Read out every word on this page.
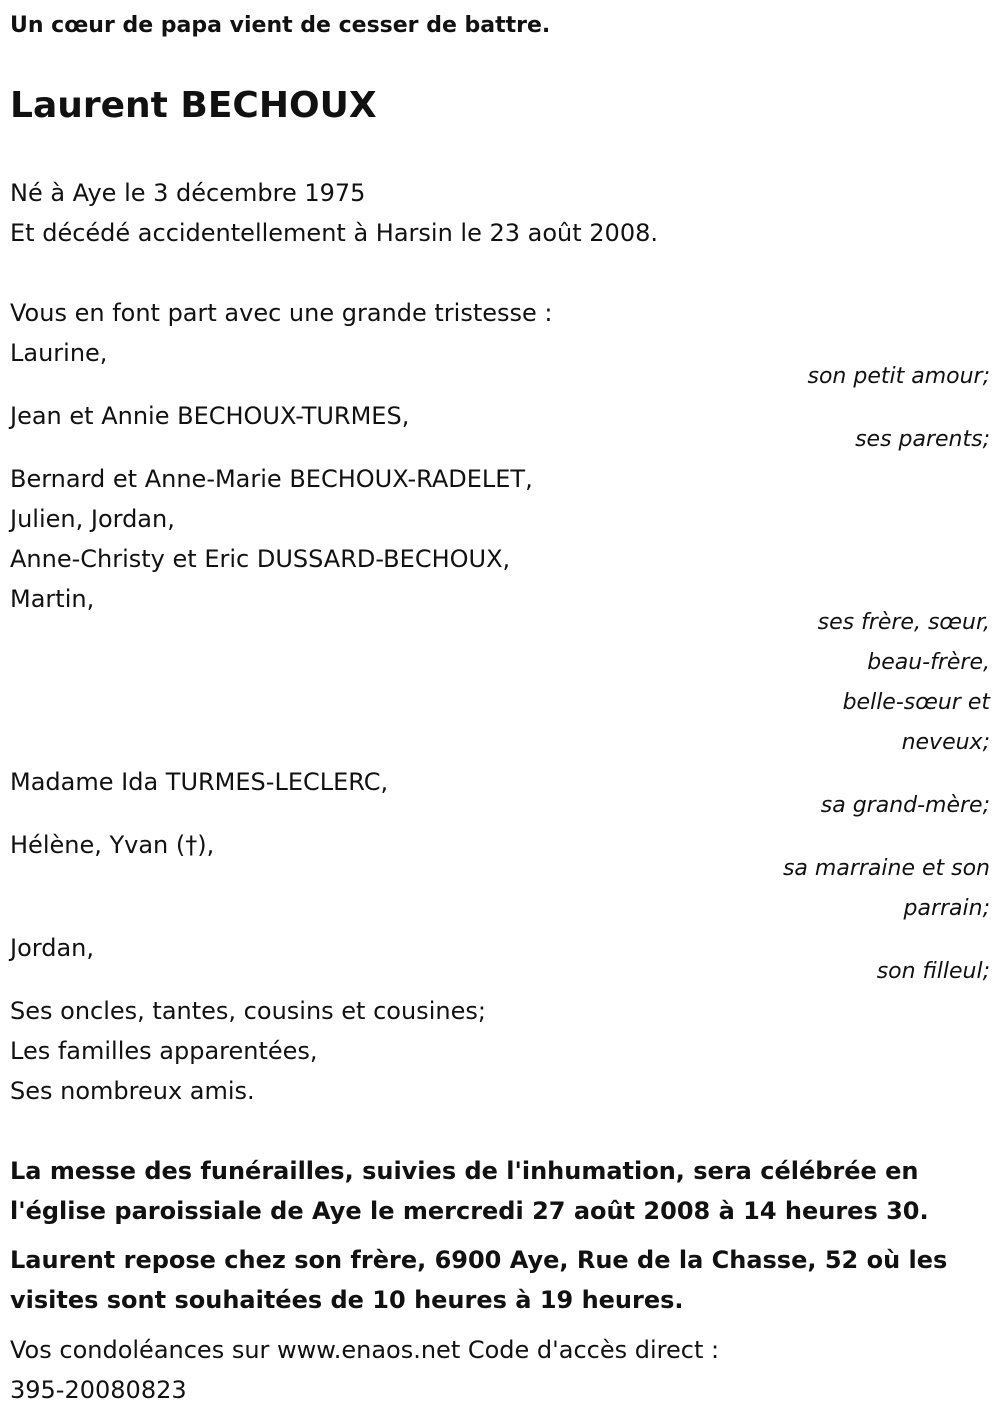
Un cœur de papa vient de cesser de battre.
Laurent BECHOUX
Né à Aye le 3 décembre 1975
Et décédé accidentellement à Harsin le 23 août 2008.
Vous en font part avec une grande tristesse :
Laurine,
son petit amour;
Jean et Annie BECHOUX-TURMES,
ses parents;
Bernard et Anne-Marie BECHOUX-RADELET,
Julien, Jordan,
Anne-Christy et Eric DUSSARD-BECHOUX,
Martin,
ses frère, sœur,
beau-frère,
belle-sœur et
neveux;
Madame Ida TURMES-LECLERC,
sa grand-mère;
Hélène, Yvan (†),
sa marraine et son
parrain;
Jordan,
son filleul;
Ses oncles, tantes, cousins et cousines;
Les familles apparentées,
Ses nombreux amis.
La messe des funérailles, suivies de l'inhumation, sera célébrée en l'église paroissiale de Aye le mercredi 27 août 2008 à 14 heures 30.
Laurent repose chez son frère, 6900 Aye, Rue de la Chasse, 52 où les visites sont souhaitées de 10 heures à 19 heures.
Vos condoléances sur www.enaos.net Code d'accès direct :
395-20080823
